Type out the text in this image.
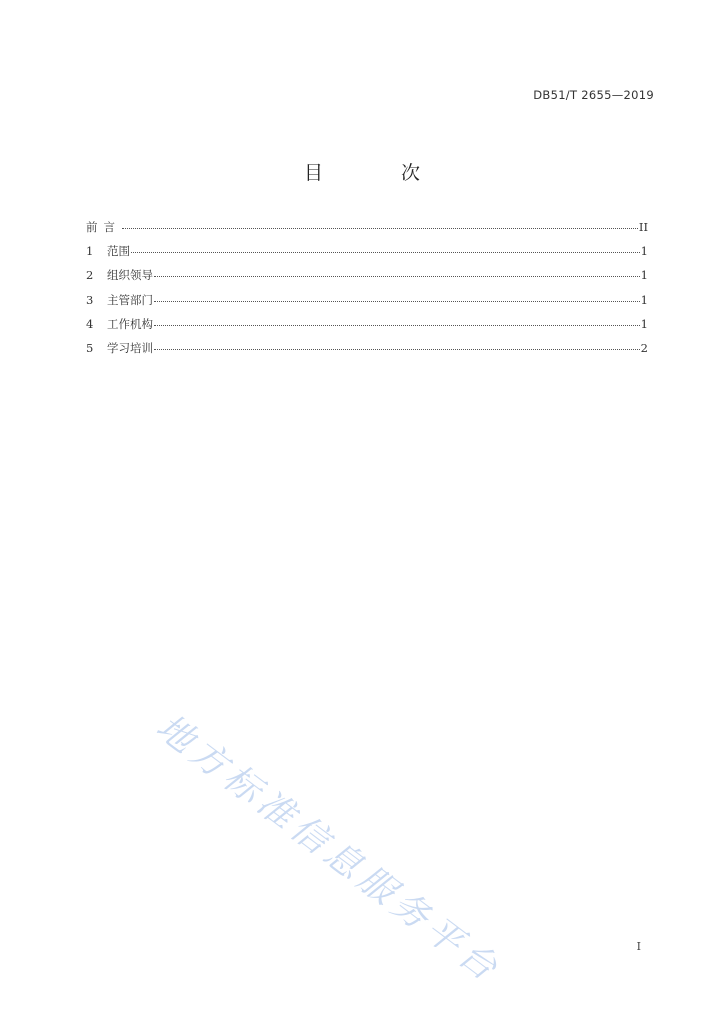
DB51/T 2655—2019
目 次
前言	II
1	范围	1
2	组织领导	1
3	主管部门	1
4	工作机构	1
5	学习培训	2
地方标准信息服务平台	I
